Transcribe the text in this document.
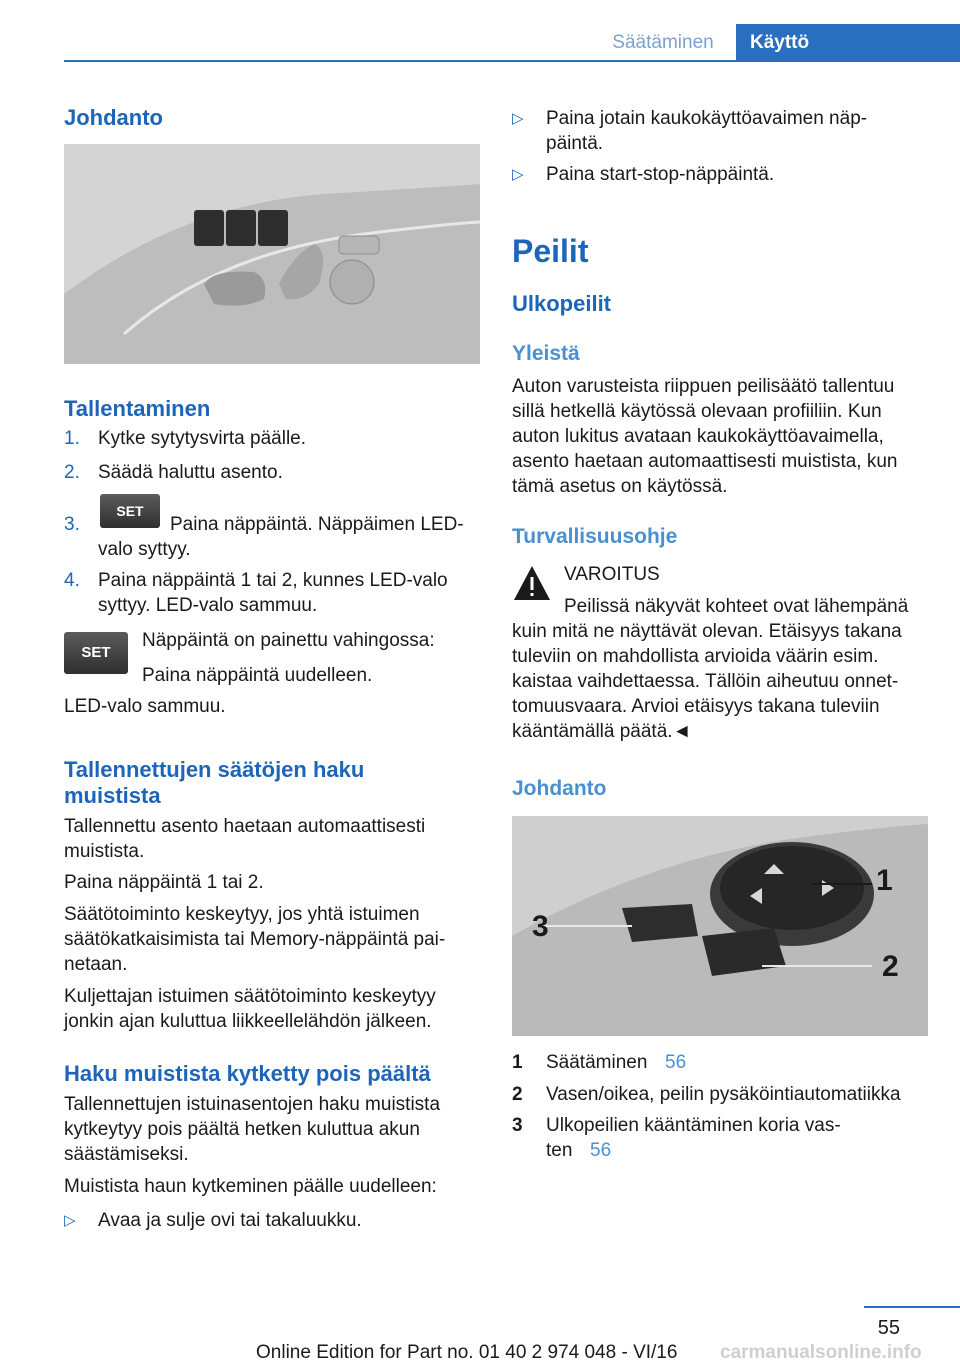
Säätäminen	Käyttö
Johdanto
Tallentaminen
1. Kytke sytytysvirta päälle.
2. Säädä haluttu asento.
3.
SET
Paina näppäintä. Näppäimen LED-
valo syttyy.
4. Paina näppäintä 1 tai 2, kunnes LED-valo
syttyy. LED-valo sammuu.
SET
Näppäintä on painettu vahingossa:
Paina näppäintä uudelleen.
LED-valo sammuu.
Tallennettujen säätöjen haku
muistista
Tallennettu asento haetaan automaattisesti
muistista.
Paina näppäintä 1 tai 2.
Säätötoiminto keskeytyy, jos yhtä istuimen
säätökatkaisimista tai Memory-näppäintä pai-
netaan.
Kuljettajan istuimen säätötoiminto keskeytyy
jonkin ajan kuluttua liikkeellelähdön jälkeen.
Haku muistista kytketty pois päältä
Tallennettujen istuinasentojen haku muistista
kytkeytyy pois päältä hetken kuluttua akun
säästämiseksi.
Muistista haun kytkeminen päälle uudelleen:
▷ Avaa ja sulje ovi tai takaluukku.
▷ Paina jotain kaukokäyttöavaimen näp-
päintä.
▷ Paina start-stop-näppäintä.
Peilit
Ulkopeilit
Yleistä
Auton varusteista riippuen peilisäätö tallentuu
sillä hetkellä käytössä olevaan profiiliin. Kun
auton lukitus avataan kaukokäyttöavaimella,
asento haetaan automaattisesti muistista, kun
tämä asetus on käytössä.
Turvallisuusohje
VAROITUS
Peilissä näkyvät kohteet ovat lähempänä
kuin mitä ne näyttävät olevan. Etäisyys takana
tuleviin on mahdollista arvioida väärin esim.
kaistaa vaihdettaessa. Tällöin aiheutuu onnet-
tomuusvaara. Arvioi etäisyys takana tuleviin
kääntämällä päätä.◄
Johdanto
1
2
3
1 Säätäminen 56
2 Vasen/oikea, peilin pysäköintiautomatiikka
3 Ulkopeilien kääntäminen koria vas-
ten 56
55
Online Edition for Part no. 01 40 2 974 048 - VI/16 carmanualsonline.info
